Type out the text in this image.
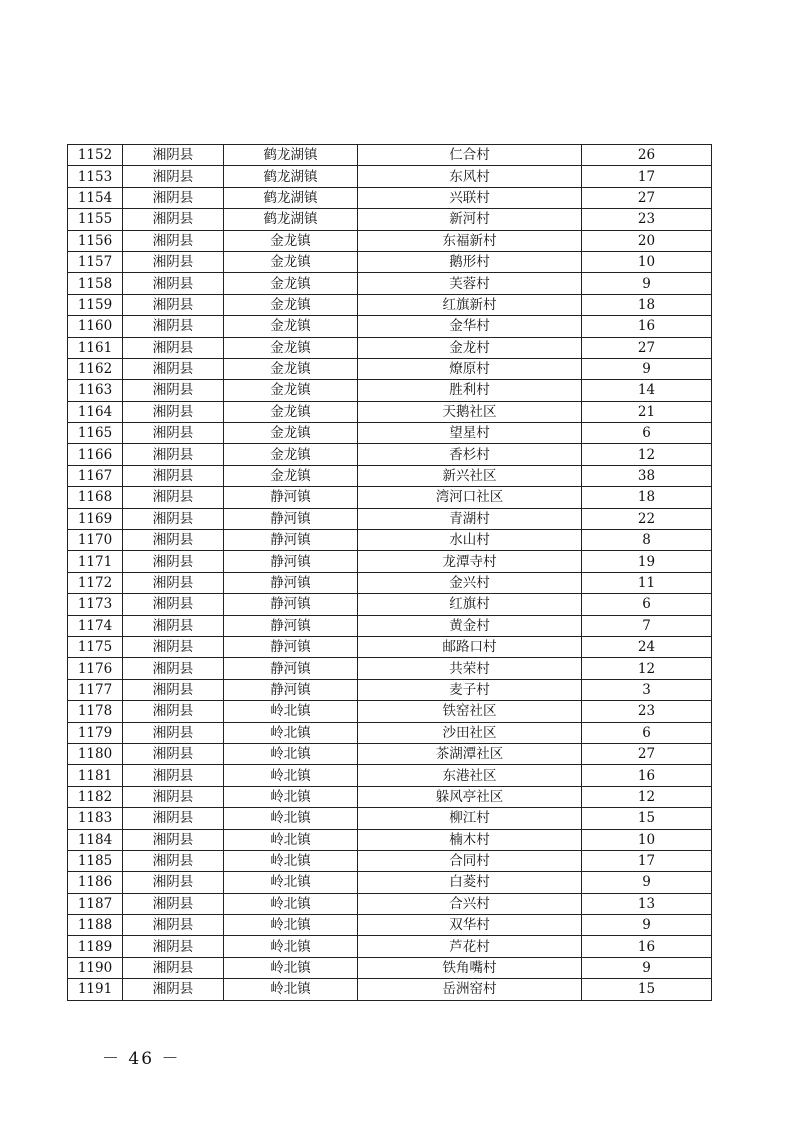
1152	湘阴县	鹤龙湖镇	仁合村	26
1153	湘阴县	鹤龙湖镇	东风村	17
1154	湘阴县	鹤龙湖镇	兴联村	27
1155	湘阴县	鹤龙湖镇	新河村	23
1156	湘阴县	金龙镇	东福新村	20
1157	湘阴县	金龙镇	鹅形村	10
1158	湘阴县	金龙镇	芙蓉村	9
1159	湘阴县	金龙镇	红旗新村	18
1160	湘阴县	金龙镇	金华村	16
1161	湘阴县	金龙镇	金龙村	27
1162	湘阴县	金龙镇	燎原村	9
1163	湘阴县	金龙镇	胜利村	14
1164	湘阴县	金龙镇	天鹅社区	21
1165	湘阴县	金龙镇	望星村	6
1166	湘阴县	金龙镇	香杉村	12
1167	湘阴县	金龙镇	新兴社区	38
1168	湘阴县	静河镇	湾河口社区	18
1169	湘阴县	静河镇	青湖村	22
1170	湘阴县	静河镇	水山村	8
1171	湘阴县	静河镇	龙潭寺村	19
1172	湘阴县	静河镇	金兴村	11
1173	湘阴县	静河镇	红旗村	6
1174	湘阴县	静河镇	黄金村	7
1175	湘阴县	静河镇	邮路口村	24
1176	湘阴县	静河镇	共荣村	12
1177	湘阴县	静河镇	麦子村	3
1178	湘阴县	岭北镇	铁窑社区	23
1179	湘阴县	岭北镇	沙田社区	6
1180	湘阴县	岭北镇	茶湖潭社区	27
1181	湘阴县	岭北镇	东港社区	16
1182	湘阴县	岭北镇	躲风亭社区	12
1183	湘阴县	岭北镇	柳江村	15
1184	湘阴县	岭北镇	楠木村	10
1185	湘阴县	岭北镇	合同村	17
1186	湘阴县	岭北镇	白菱村	9
1187	湘阴县	岭北镇	合兴村	13
1188	湘阴县	岭北镇	双华村	9
1189	湘阴县	岭北镇	芦花村	16
1190	湘阴县	岭北镇	铁角嘴村	9
1191	湘阴县	岭北镇	岳洲窑村	15
－ 46 －
